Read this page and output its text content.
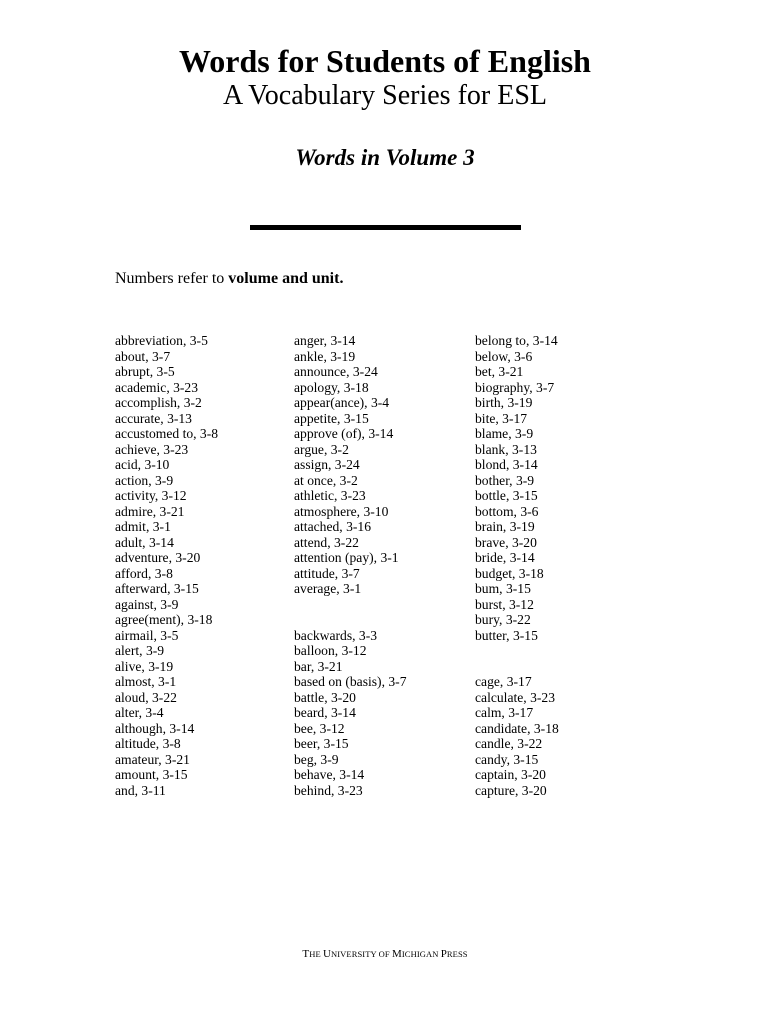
Words for Students of English
A Vocabulary Series for ESL
Words in Volume 3
Numbers refer to volume and unit.
abbreviation, 3-5
about, 3-7
abrupt, 3-5
academic, 3-23
accomplish, 3-2
accurate, 3-13
accustomed to, 3-8
achieve, 3-23
acid, 3-10
action, 3-9
activity, 3-12
admire, 3-21
admit, 3-1
adult, 3-14
adventure, 3-20
afford, 3-8
afterward, 3-15
against, 3-9
agree(ment), 3-18
airmail, 3-5
alert, 3-9
alive, 3-19
almost, 3-1
aloud, 3-22
alter, 3-4
although, 3-14
altitude, 3-8
amateur, 3-21
amount, 3-15
and, 3-11
anger, 3-14
ankle, 3-19
announce, 3-24
apology, 3-18
appear(ance), 3-4
appetite, 3-15
approve (of), 3-14
argue, 3-2
assign, 3-24
at once, 3-2
athletic, 3-23
atmosphere, 3-10
attached, 3-16
attend, 3-22
attention (pay), 3-1
attitude, 3-7
average, 3-1
backwards, 3-3
balloon, 3-12
bar, 3-21
based on (basis), 3-7
battle, 3-20
beard, 3-14
bee, 3-12
beer, 3-15
beg, 3-9
behave, 3-14
behind, 3-23
belong to, 3-14
below, 3-6
bet, 3-21
biography, 3-7
birth, 3-19
bite, 3-17
blame, 3-9
blank, 3-13
blond, 3-14
bother, 3-9
bottle, 3-15
bottom, 3-6
brain, 3-19
brave, 3-20
bride, 3-14
budget, 3-18
bum, 3-15
burst, 3-12
bury, 3-22
butter, 3-15
cage, 3-17
calculate, 3-23
calm, 3-17
candidate, 3-18
candle, 3-22
candy, 3-15
captain, 3-20
capture, 3-20
THE UNIVERSITY OF MICHIGAN PRESS
